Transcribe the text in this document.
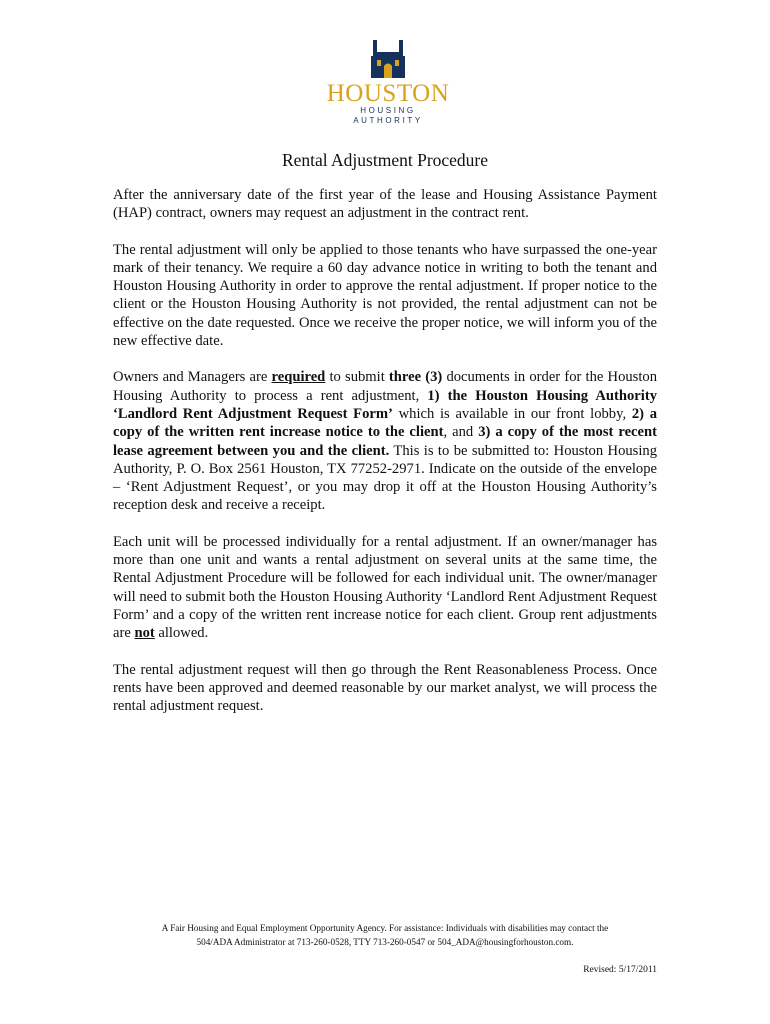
HOUSTON
HOUSING AUTHORITY
Rental Adjustment Procedure

After the anniversary date of the first year of the lease and Housing Assistance Payment (HAP) contract, owners may request an adjustment in the contract rent.

The rental adjustment will only be applied to those tenants who have surpassed the one-year mark of their tenancy. We require a 60 day advance notice in writing to both the tenant and Houston Housing Authority in order to approve the rental adjustment. If proper notice to the client or the Houston Housing Authority is not provided, the rental adjustment can not be effective on the date requested. Once we receive the proper notice, we will inform you of the new effective date.

Owners and Managers are required to submit three (3) documents in order for the Houston Housing Authority to process a rent adjustment, 1) the Houston Housing Authority ‘Landlord Rent Adjustment Request Form’ which is available in our front lobby, 2) a copy of the written rent increase notice to the client, and 3) a copy of the most recent lease agreement between you and the client. This is to be submitted to: Houston Housing Authority, P. O. Box 2561 Houston, TX 77252-2971. Indicate on the outside of the envelope – ‘Rent Adjustment Request’, or you may drop it off at the Houston Housing Authority’s reception desk and receive a receipt.

Each unit will be processed individually for a rental adjustment. If an owner/manager has more than one unit and wants a rental adjustment on several units at the same time, the Rental Adjustment Procedure will be followed for each individual unit. The owner/manager will need to submit both the Houston Housing Authority ‘Landlord Rent Adjustment Request Form’ and a copy of the written rent increase notice for each client. Group rent adjustments are not allowed.

The rental adjustment request will then go through the Rent Reasonableness Process. Once rents have been approved and deemed reasonable by our market analyst, we will process the rental adjustment request.

A Fair Housing and Equal Employment Opportunity Agency. For assistance: Individuals with disabilities may contact the
504/ADA Administrator at 713-260-0528, TTY 713-260-0547 or 504_ADA@housingforhouston.com.
Revised: 5/17/2011
